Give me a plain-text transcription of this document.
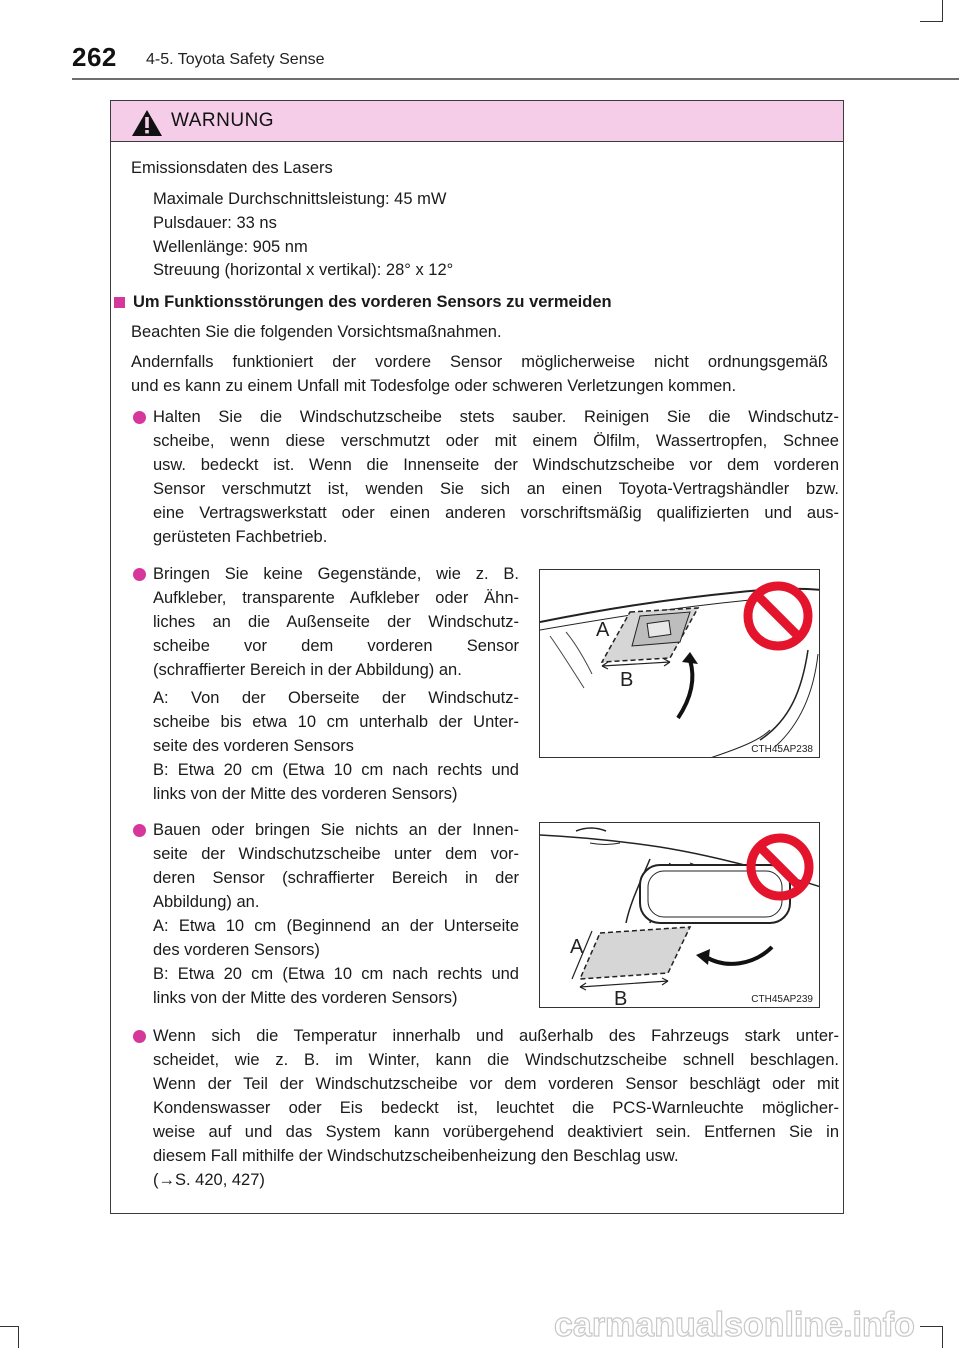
262 4-5. Toyota Safety Sense
WARNUNG
Emissionsdaten des Lasers
Maximale Durchschnittsleistung: 45 mW
Pulsdauer: 33 ns
Wellenlänge: 905 nm
Streuung (horizontal x vertikal): 28° x 12°
Um Funktionsstörungen des vorderen Sensors zu vermeiden
Beachten Sie die folgenden Vorsichtsmaßnahmen.
Andernfalls funktioniert der vordere Sensor möglicherweise nicht ordnungsgemäß
und es kann zu einem Unfall mit Todesfolge oder schweren Verletzungen kommen.
Halten Sie die Windschutzscheibe stets sauber. Reinigen Sie die Windschutz-
scheibe, wenn diese verschmutzt oder mit einem Ölfilm, Wassertropfen, Schnee
usw. bedeckt ist. Wenn die Innenseite der Windschutzscheibe vor dem vorderen
Sensor verschmutzt ist, wenden Sie sich an einen Toyota-Vertragshändler bzw.
eine Vertragswerkstatt oder einen anderen vorschriftsmäßig qualifizierten und aus-
gerüsteten Fachbetrieb.
Bringen Sie keine Gegenstände, wie z. B.
Aufkleber, transparente Aufkleber oder Ähn-
liches an die Außenseite der Windschutz-
scheibe vor dem vorderen Sensor
(schraffierter Bereich in der Abbildung) an.
A: Von der Oberseite der Windschutz-
scheibe bis etwa 10 cm unterhalb der Unter-
seite des vorderen Sensors
B: Etwa 20 cm (Etwa 10 cm nach rechts und
links von der Mitte des vorderen Sensors)
A
B
CTH45AP238
Bauen oder bringen Sie nichts an der Innen-
seite der Windschutzscheibe unter dem vor-
deren Sensor (schraffierter Bereich in der
Abbildung) an.
A: Etwa 10 cm (Beginnend an der Unterseite
des vorderen Sensors)
B: Etwa 20 cm (Etwa 10 cm nach rechts und
links von der Mitte des vorderen Sensors)
A
B	CTH45AP239
Wenn sich die Temperatur innerhalb und außerhalb des Fahrzeugs stark unter-
scheidet, wie z. B. im Winter, kann die Windschutzscheibe schnell beschlagen.
Wenn der Teil der Windschutzscheibe vor dem vorderen Sensor beschlägt oder mit
Kondenswasser oder Eis bedeckt ist, leuchtet die PCS-Warnleuchte möglicher-
weise auf und das System kann vorübergehend deaktiviert sein. Entfernen Sie in
diesem Fall mithilfe der Windschutzscheibenheizung den Beschlag usw.
(→S. 420, 427)
carmanualsonline.info
